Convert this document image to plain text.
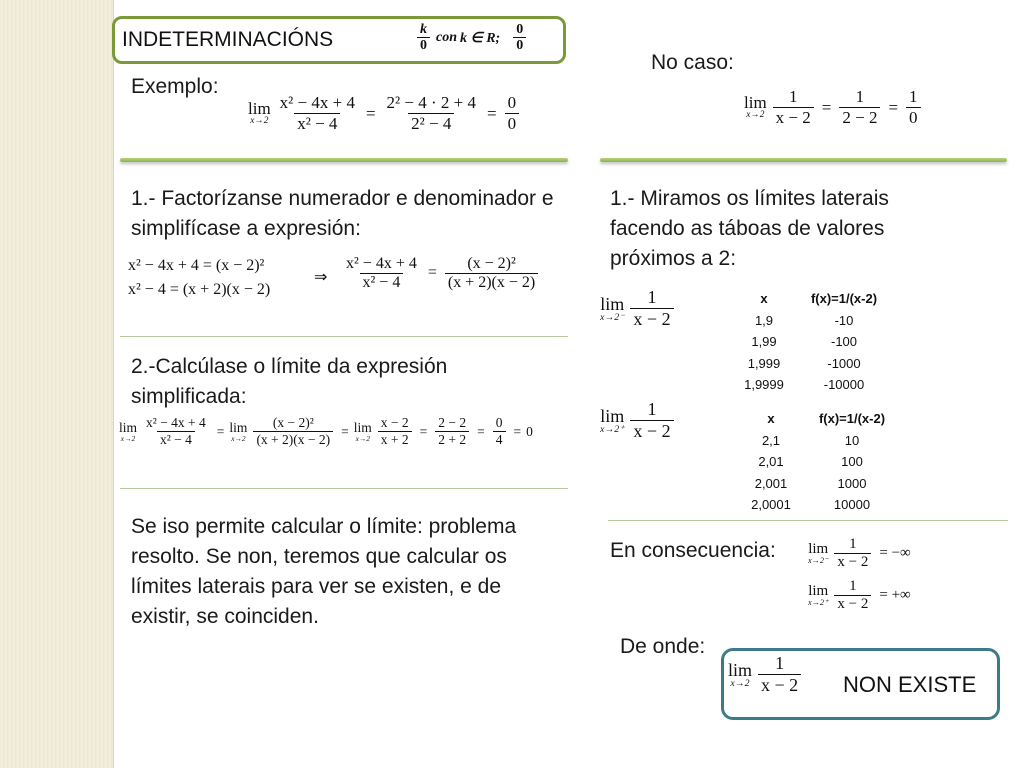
INDETERMINACIÓNS	$\frac{k}{0}$ con k ∈ R; $\frac{0}{0}$
Exemplo:
lim
$x\to 2 \frac{\text{x² − 4x + 4}}{\text{x² − 4}} = \frac{\text{2² − 4 · 2 + 4}}{\text{2² − 4}} = \frac{0}{0}$
1.- Factorízanse numerador e denominador e simplifícase a expresión:
x² − 4x + 4 = (x − 2)²
x² − 4 = (x + 2)(x − 2)
⇒ $\frac{\text{x² − 4x + 4}}{\text{x² − 4}} = \frac{\text{(x − 2)²}}{(x + 2)(x - 2)}$
2.-Calcúlase o límite da expresión simplificada:
lim
$x\to 2 \frac{\text{x² − 4x + 4}}{\text{x² − 4}} = \lim$
$x\to 2 \frac{\text{(x − 2)²}}{(x + 2)(x - 2)} = \lim$
$x\to 2 \frac{x - 2}{x + 2} = \frac{2 - 2}{2 + 2} = \frac{0}{4} = 0$
Se iso permite calcular o límite: problema resolto. Se non, teremos que calcular os límites laterais para ver se existen, e de existir, se coinciden.
No caso:
lim
$x\to 2 \frac{1}{x - 2} = \frac{1}{2 - 2} = \frac{1}{0}$
1.- Miramos os límites laterais facendo as táboas de valores próximos a 2:
lim
$x\to 2^- \frac{1}{x - 2}$	x	f(x)=1/(x-2)
1,9	-10
1,99	-100
1,999	-1000
1,9999	-10000
lim
$x\to 2^+ \frac{1}{x - 2}$	x	f(x)=1/(x-2)
2,1	10
2,01	100
2,001	1000
2,0001	10000
En consecuencia: lim
$x\to 2^- \frac{1}{x - 2}$ = −∞
lim
$x\to 2^+ \frac{1}{x - 2}$ = +∞
De onde:
lim
$x\to 2 \frac{1}{x - 2}$ NON EXISTE
